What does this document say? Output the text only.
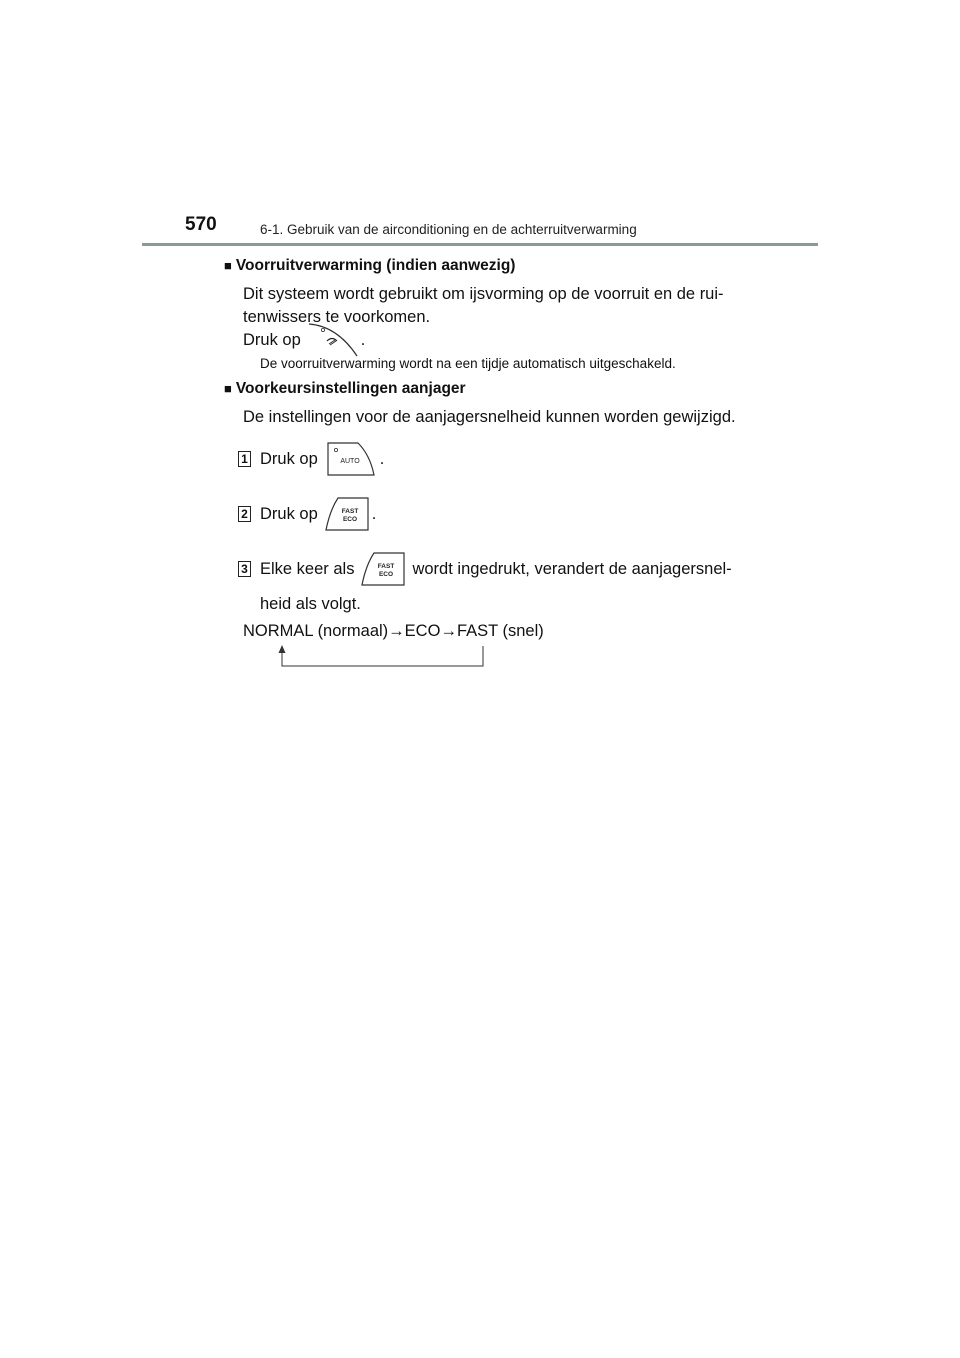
570	6-1. Gebruik van de airconditioning en de achterruitverwarming
■ Voorruitverwarming (indien aanwezig)
Dit systeem wordt gebruikt om ijsvorming op de voorruit en de rui-
tenwissers te voorkomen.
Druk op	.
De voorruitverwarming wordt na een tijdje automatisch uitgeschakeld.
■ Voorkeursinstellingen aanjager
De instellingen voor de aanjagersnelheid kunnen worden gewijzigd.
1 Druk op	AUTO .
2 Druk op	FAST
ECO .
3 Elke keer als	FAST
ECO wordt ingedrukt, verandert de aanjagersnel-
heid als volgt.
NORMAL (normaal)→ECO→FAST (snel)
